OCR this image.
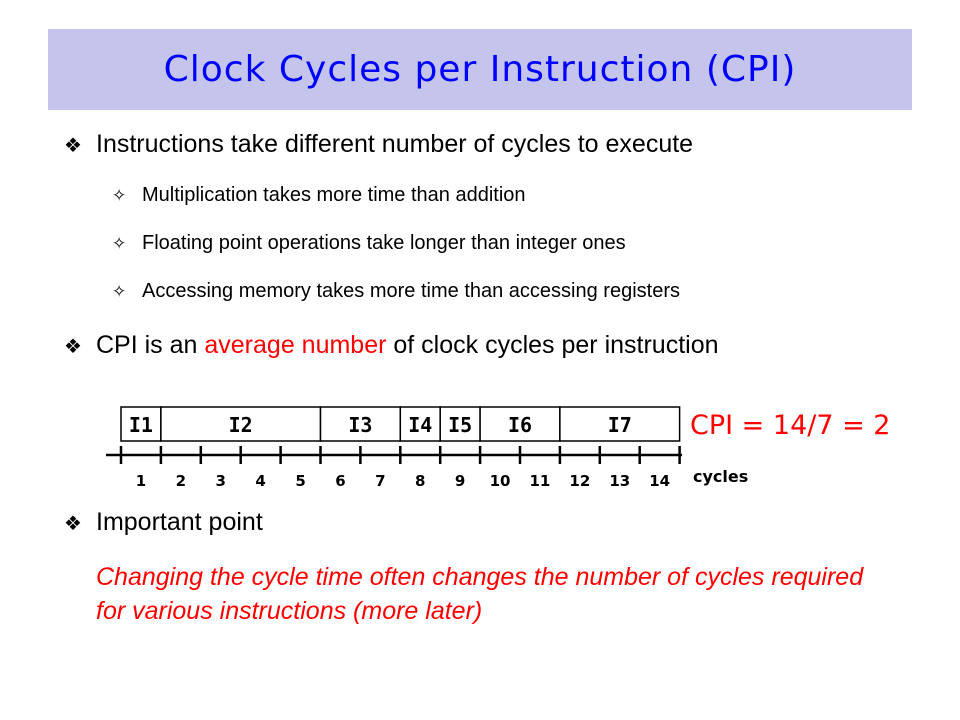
Clock Cycles per Instruction (CPI)
❖ Instructions take different number of cycles to execute
✧ Multiplication takes more time than addition
✧ Floating point operations take longer than integer ones
✧ Accessing memory takes more time than accessing registers
❖ CPI is an average number of clock cycles per instruction
I1	I2	I3 I4 I5 I6	I7
1 2 3 4 5 6 7 8 9 10 11 12 13 14 cycles
CPI = 14/7 = 2
❖ Important point
Changing the cycle time often changes the number of cycles required for various instructions (more later)
